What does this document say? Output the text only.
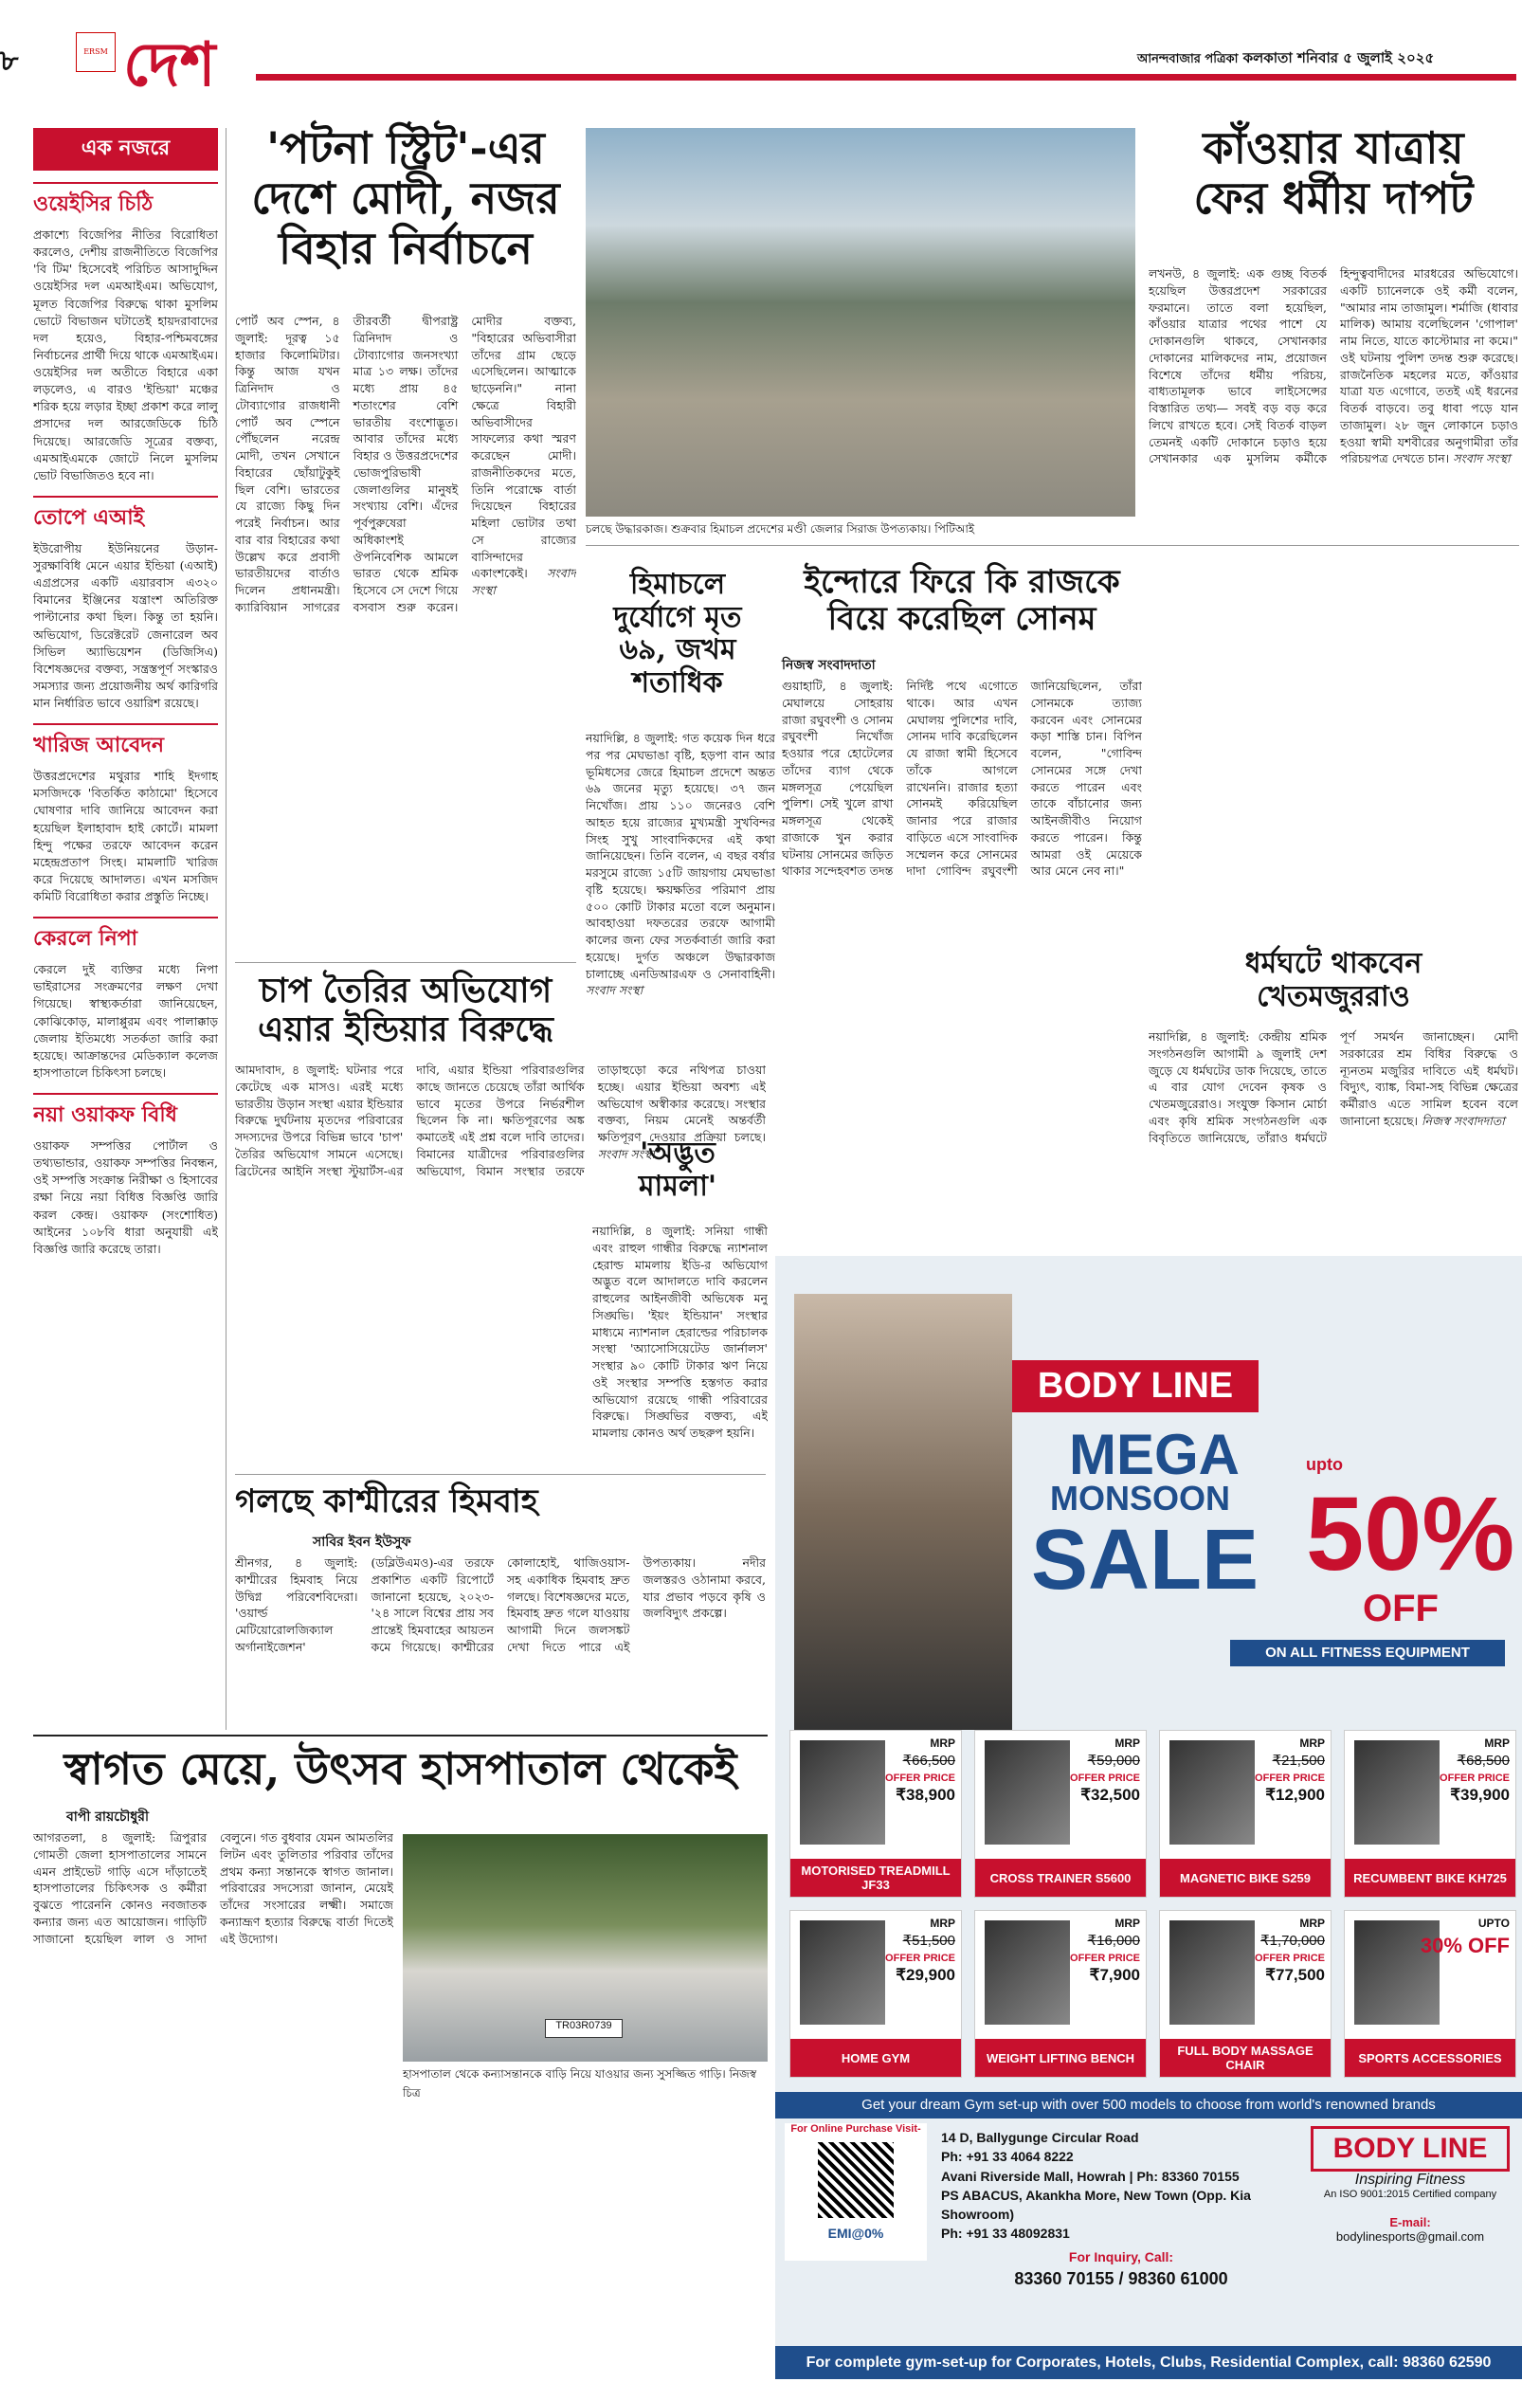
৮	ERSM দেশ	আনন্দবাজার পত্রিকা কলকাতা শনিবার ৫ জুলাই ২০২৫
এক নজরে
ওয়েইসির চিঠি

প্রকাশ্যে বিজেপির নীতির বিরোধিতা করলেও, দেশীয় রাজনীতিতে বিজেপির 'বি টিম' হিসেবেই পরিচিত আসাদুদ্দিন ওয়েইসির দল এমআইএম। অভিযোগ, মূলত বিজেপির বিরুদ্ধে থাকা মুসলিম ভোটে বিভাজন ঘটাতেই হায়দরাবাদের দল হয়েও, বিহার-পশ্চিমবঙ্গের নির্বাচনের প্রার্থী দিয়ে থাকে এমআইএম। ওয়েইসির দল অতীতে বিহারে একা লড়লেও, এ বারও 'ইন্ডিয়া' মঞ্চের শরিক হয়ে লড়ার ইচ্ছা প্রকাশ করে লালু প্রসাদের দল আরজেডিকে চিঠি দিয়েছে। আরজেডি সূত্রের বক্তব্য, এমআইএমকে জোটে নিলে মুসলিম ভোট বিভাজিতও হবে না।

তোপে এআই

ইউরোপীয় ইউনিয়নের উড়ান-সুরক্ষাবিধি মেনে এয়ার ইন্ডিয়া (এআই) এগ্রপ্রসের একটি এয়ারবাস এ৩২০ বিমানের ইঞ্জিনের যন্ত্রাংশ অতিরিক্ত পাল্টানোর কথা ছিল। কিন্তু তা হয়নি। অভিযোগ, ডিরেক্টরেট জেনারেল অব সিভিল অ্যাভিয়েশন (ডিজিসিএ) বিশেষজ্ঞদের বক্তব্য, সন্ত্রস্তপূর্ণ সংস্কারও সমস্যার জন্য প্রয়োজনীয় অর্থ কারিগরি মান নির্ধারিত ভাবে ওয়ারিশ রয়েছে।

খারিজ আবেদন

উত্তরপ্রদেশের মথুরার শাহি ইদগাহ মসজিদকে 'বিতর্কিত কাঠামো' হিসেবে ঘোষণার দাবি জানিয়ে আবেদন করা হয়েছিল ইলাহাবাদ হাই কোর্টে। মামলা হিন্দু পক্ষের তরফে আবেদন করেন মহেন্দ্রপ্রতাপ সিংহ। মামলাটি খারিজ করে দিয়েছে আদালত। এখন মসজিদ কমিটি বিরোধিতা করার প্রস্তুতি নিচ্ছে।

কেরলে নিপা

কেরলে দুই ব্যক্তির মধ্যে নিপা ভাইরাসের সংক্রমণের লক্ষণ দেখা গিয়েছে। স্বাস্থ্যকর্তারা জানিয়েছেন, কোঝিকোড়, মালাপ্পুরম এবং পালাক্কাড় জেলায় ইতিমধ্যে সতর্কতা জারি করা হয়েছে। আক্রান্তদের মেডিক্যাল কলেজ হাসপাতালে চিকিৎসা চলছে।

নয়া ওয়াকফ বিধি

ওয়াকফ সম্পত্তির পোর্টাল ও তথ্যভান্ডার, ওয়াকফ সম্পত্তির নিবন্ধন, ওই সম্পত্তি সংক্রান্ত নিরীক্ষা ও হিসাবের রক্ষা নিয়ে নয়া বিধিত্ত বিজ্ঞপ্তি জারি করল কেন্দ্র। ওয়াকফ (সংশোধিত) আইনের ১০৮বি ধারা অনুযায়ী এই বিজ্ঞপ্তি জারি করেছে তারা।

'পটনা স্ট্রিট'-এর
দেশে মোদী, নজর
বিহার নির্বাচনে
পোর্ট অব স্পেন, ৪ জুলাই: দূরত্ব ১৫ হাজার কিলোমিটার। কিন্তু আজ যখন ত্রিনিদাদ ও টোব্যাগোর রাজধানী পোর্ট অব স্পেনে পৌঁছলেন নরেন্দ্র মোদী, তখন সেখানে বিহারের ছোঁয়াটুকুই ছিল বেশি। ভারতের যে রাজ্যে কিছু দিন পরেই নির্বাচন। আর বার বার বিহারের কথা উল্লেখ করে প্রবাসী ভারতীয়দের বার্তাও দিলেন প্রধানমন্ত্রী। ক্যারিবিয়ান সাগরের তীরবর্তী দ্বীপরাষ্ট্র ত্রিনিদাদ ও টোব্যাগোর জনসংখ্যা মাত্র ১৩ লক্ষ। তাঁদের মধ্যে প্রায় ৪৫ শতাংশের বেশি ভারতীয় বংশোদ্ভূত। আবার তাঁদের মধ্যে বিহার ও উত্তরপ্রদেশের ভোজপুরিভাষী জেলাগুলির মানুষই সংখ্যায় বেশি। এঁদের পূর্বপুরুষেরা অধিকাংশই ঔপনিবেশিক আমলে ভারত থেকে শ্রমিক হিসেবে সে দেশে গিয়ে বসবাস শুরু করেন। মোদীর বক্তব্য, "বিহারের অভিবাসীরা তাঁদের গ্রাম ছেড়ে এসেছিলেন। আত্মাকে ছাড়েননি।" নানা ক্ষেত্রে বিহারী অভিবাসীদের সাফল্যের কথা স্মরণ করেছেন মোদী। রাজনীতিকদের মতে, তিনি পরোক্ষে বার্তা দিয়েছেন বিহারের মহিলা ভোটার তথা সে রাজ্যের বাসিন্দাদের একাংশকেই। সংবাদ সংস্থা
চলছে উদ্ধারকাজ। শুক্রবার হিমাচল প্রদেশের মণ্ডী জেলার সিরাজ উপত্যকায়। পিটিআই
কাঁওয়ার যাত্রায়
ফের ধর্মীয় দাপট
লখনউ, ৪ জুলাই: এক গুচ্ছ বিতর্ক হয়েছিল উত্তরপ্রদেশ সরকারের ফরমানে। তাতে বলা হয়েছিল, কাঁওয়ার যাত্রার পথের পাশে যে দোকানগুলি থাকবে, সেখানকার দোকানের মালিকদের নাম, প্রয়োজন বিশেষে তাঁদের ধর্মীয় পরিচয়, বাধ্যতামূলক ভাবে লাইসেন্সের বিস্তারিত তথ্য— সবই বড় বড় করে লিখে রাখতে হবে। সেই বিতর্ক বাড়ল তেমনই একটি দোকানে চড়াও হয়ে সেখানকার এক মুসলিম কর্মীকে হিন্দুত্ববাদীদের মারধরের অভিযোগে। একটি চ্যানেলকে ওই কর্মী বলেন, "আমার নাম তাজামুল। শর্মাজি (ধাবার মালিক) আমায় বলেছিলেন 'গোপাল' নাম নিতে, যাতে কাস্টোমার না কমে।" ওই ঘটনায় পুলিশ তদন্ত শুরু করেছে। রাজনৈতিক মহলের মতে, কাঁওয়ার যাত্রা যত এগোবে, ততই এই ধরনের বিতর্ক বাড়বে। তবু ধাবা পড়ে যান তাজামুল। ২৮ জুন লোকানে চড়াও হওয়া স্বামী যশবীরের অনুগামীরা তাঁর পরিচয়পত্র দেখতে চান। সংবাদ সংস্থা
হিমাচলে
দুর্যোগে মৃত
৬৯, জখম
শতাধিক
নয়াদিল্লি, ৪ জুলাই: গত কয়েক দিন ধরে পর পর মেঘভাঙা বৃষ্টি, হড়পা বান আর ভূমিধসের জেরে হিমাচল প্রদেশে অন্তত ৬৯ জনের মৃত্যু হয়েছে। ৩৭ জন নিখোঁজ। প্রায় ১১০ জনেরও বেশি আহত হয়ে রাজ্যের মুখ্যমন্ত্রী সুখবিন্দর সিংহ সুখু সাংবাদিকদের এই কথা জানিয়েছেন। তিনি বলেন, এ বছর বর্ষার মরসুমে রাজ্যে ১৫টি জায়গায় মেঘভাঙা বৃষ্টি হয়েছে। ক্ষয়ক্ষতির পরিমাণ প্রায় ৫০০ কোটি টাকার মতো বলে অনুমান। আবহাওয়া দফতরের তরফে আগামী কালের জন্য ফের সতর্কবার্তা জারি করা হয়েছে। দুর্গত অঞ্চলে উদ্ধারকাজ চালাচ্ছে এনডিআরএফ ও সেনাবাহিনী। সংবাদ সংস্থা
ইন্দোরে ফিরে কি রাজকে
বিয়ে করেছিল সোনম
নিজস্ব সংবাদদাতা
গুয়াহাটি, ৪ জুলাই: মেঘালয়ে সোহরায় রাজা রঘুবংশী ও সোনম রঘুবংশী নিখোঁজ হওয়ার পরে হোটেলের তাঁদের ব্যাগ থেকে মঙ্গলসূত্র পেয়েছিল পুলিশ। সেই খুলে রাখা মঙ্গলসূত্র থেকেই রাজাকে খুন করার ঘটনায় সোনমের জড়িত থাকার সন্দেহবশত তদন্ত নির্দিষ্ট পথে এগোতে থাকে। আর এখন মেঘালয় পুলিশের দাবি, সোনম দাবি করেছিলেন যে রাজা স্বামী হিসেবে তাঁকে আগলে রাখেননি। রাজার হত্যা সোনমই করিয়েছিল জানার পরে রাজার বাড়িতে এসে সাংবাদিক সম্মেলন করে সোনমের দাদা গোবিন্দ রঘুবংশী জানিয়েছিলেন, তাঁরা সোনমকে ত্যাজ্য করবেন এবং সোনমের কড়া শাস্তি চান। বিপিন বলেন, "গোবিন্দ সোনমের সঙ্গে দেখা করতে পারেন এবং তাকে বাঁচানোর জন্য আইনজীবীও নিয়োগ করতে পারেন। কিন্তু আমরা ওই মেয়েকে আর মেনে নেব না।"
ধর্মঘটে থাকবেন
খেতমজুররাও
নয়াদিল্লি, ৪ জুলাই: কেন্দ্রীয় শ্রমিক সংগঠনগুলি আগামী ৯ জুলাই দেশ জুড়ে যে ধর্মঘটের ডাক দিয়েছে, তাতে এ বার যোগ দেবেন কৃষক ও খেতমজুরেরাও। সংযুক্ত কিসান মোর্চা এবং কৃষি শ্রমিক সংগঠনগুলি এক বিবৃতিতে জানিয়েছে, তাঁরাও ধর্মঘটে পূর্ণ সমর্থন জানাচ্ছেন। মোদী সরকারের শ্রম বিধির বিরুদ্ধে ও ন্যূনতম মজুরির দাবিতে এই ধর্মঘট। বিদ্যুৎ, ব্যাঙ্ক, বিমা-সহ বিভিন্ন ক্ষেত্রের কর্মীরাও এতে সামিল হবেন বলে জানানো হয়েছে। নিজস্ব সংবাদদাতা
চাপ তৈরির অভিযোগ
এয়ার ইন্ডিয়ার বিরুদ্ধে
আমদাবাদ, ৪ জুলাই: ঘটনার পরে কেটেছে এক মাসও। এরই মধ্যে ভারতীয় উড়ান সংস্থা এয়ার ইন্ডিয়ার বিরুদ্ধে দুর্ঘটনায় মৃতদের পরিবারের সদস্যদের উপরে বিভিন্ন ভাবে 'চাপ' তৈরির অভিযোগ সামনে এসেছে। ব্রিটেনের আইনি সংস্থা স্টুয়ার্টস-এর দাবি, এয়ার ইন্ডিয়া পরিবারগুলির কাছে জানতে চেয়েছে তাঁরা আর্থিক ভাবে মৃতের উপরে নির্ভরশীল ছিলেন কি না। ক্ষতিপূরণের অঙ্ক কমাতেই এই প্রশ্ন বলে দাবি তাদের। বিমানের যাত্রীদের পরিবারগুলির অভিযোগ, বিমান সংস্থার তরফে তাড়াহুড়ো করে নথিপত্র চাওয়া হচ্ছে। এয়ার ইন্ডিয়া অবশ্য এই অভিযোগ অস্বীকার করেছে। সংস্থার বক্তব্য, নিয়ম মেনেই অন্তর্বর্তী ক্ষতিপূরণ দেওয়ার প্রক্রিয়া চলছে। সংবাদ সংস্থা
'অদ্ভুত
মামলা'
গলছে কাশ্মীরের হিমবাহ
সাবির ইবন ইউসুফ
শ্রীনগর, ৪ জুলাই: কাশ্মীরের হিমবাহ নিয়ে উদ্বিগ্ন পরিবেশবিদেরা। 'ওয়ার্ল্ড মেটিয়োরোলজিক্যাল অর্গানাইজেশন' (ডব্লিউএমও)-এর তরফে প্রকাশিত একটি রিপোর্টে জানানো হয়েছে, ২০২৩-'২৪ সালে বিশ্বের প্রায় সব প্রান্তেই হিমবাহের আয়তন কমে গিয়েছে। কাশ্মীরের কোলাহোই, থাজিওয়াস-সহ একাধিক হিমবাহ দ্রুত গলছে। বিশেষজ্ঞদের মতে, হিমবাহ দ্রুত গলে যাওয়ায় আগামী দিনে জলসঙ্কট দেখা দিতে পারে এই উপত্যকায়। নদীর জলস্তরও ওঠানামা করবে, যার প্রভাব পড়বে কৃষি ও জলবিদ্যুৎ প্রকল্পে।
নয়াদিল্লি, ৪ জুলাই: সনিয়া গান্ধী এবং রাহুল গান্ধীর বিরুদ্ধে ন্যাশনাল হেরাল্ড মামলায় ইডি-র অভিযোগ অদ্ভুত বলে আদালতে দাবি করলেন রাহুলের আইনজীবী অভিষেক মনু সিঙ্ঘভি। 'ইয়ং ইন্ডিয়ান' সংস্থার মাধ্যমে ন্যাশনাল হেরাল্ডের পরিচালক সংস্থা 'অ্যাসোসিয়েটেড জার্নালস' সংস্থার ৯০ কোটি টাকার ঋণ নিয়ে ওই সংস্থার সম্পত্তি হস্তগত করার অভিযোগ রয়েছে গান্ধী পরিবারের বিরুদ্ধে। সিঙ্ঘভির বক্তব্য, এই মামলায় কোনও অর্থ তছরুপ হয়নি।
স্বাগত মেয়ে, উৎসব হাসপাতাল থেকেই
বাপী রায়চৌধুরী
আগরতলা, ৪ জুলাই: ত্রিপুরার গোমতী জেলা হাসপাতালের সামনে এমন প্রাইভেট গাড়ি এসে দাঁড়াতেই হাসপাতালের চিকিৎসক ও কর্মীরা বুঝতে পারেননি কোনও নবজাতক কন্যার জন্য এত আয়োজন। গাড়িটি সাজানো হয়েছিল লাল ও সাদা বেলুনে। গত বুধবার যেমন আমতলির লিটন এবং তুলিতার পরিবার তাঁদের প্রথম কন্যা সন্তানকে স্বাগত জানাল। পরিবারের সদস্যেরা জানান, মেয়েই তাঁদের সংসারের লক্ষ্মী। সমাজে কন্যাভ্রূণ হত্যার বিরুদ্ধে বার্তা দিতেই এই উদ্যোগ।
TR03R0739
হাসপাতাল থেকে কন্যাসন্তানকে বাড়ি নিয়ে যাওয়ার জন্য সুসজ্জিত গাড়ি। নিজস্ব চিত্র
BODY LINE
MEGA
MONSOON
SALE
upto
50%
OFF
ON ALL FITNESS EQUIPMENT
MRP
₹66,500
OFFER PRICE
₹38,900
MOTORISED TREADMILL JF33
MRP
₹59,000
OFFER PRICE
₹32,500
CROSS TRAINER S5600
MRP
₹21,500
OFFER PRICE
₹12,900
MAGNETIC BIKE S259
MRP
₹68,500
OFFER PRICE
₹39,900
RECUMBENT BIKE KH725
MRP
₹51,500
OFFER PRICE
₹29,900
HOME GYM
MRP
₹16,000
OFFER PRICE
₹7,900
WEIGHT LIFTING BENCH
MRP
₹1,70,000
OFFER PRICE
₹77,500
FULL BODY MASSAGE CHAIR
UPTO
30% OFF
SPORTS ACCESSORIES
Get your dream Gym set-up with over 500 models to choose from world's renowned brands
For Online Purchase Visit-
EMI@0%
14 D, Ballygunge Circular Road
Ph: +91 33 4064 8222
Avani Riverside Mall, Howrah | Ph: 83360 70155
PS ABACUS, Akankha More, New Town (Opp. Kia Showroom)
Ph: +91 33 48092831
For Inquiry, Call:
83360 70155 / 98360 61000
BODY LINE
Inspiring Fitness
An ISO 9001:2015 Certified company
E-mail:
bodylinesports@gmail.com
For complete gym-set-up for Corporates, Hotels, Clubs, Residential Complex, call: 98360 62590
